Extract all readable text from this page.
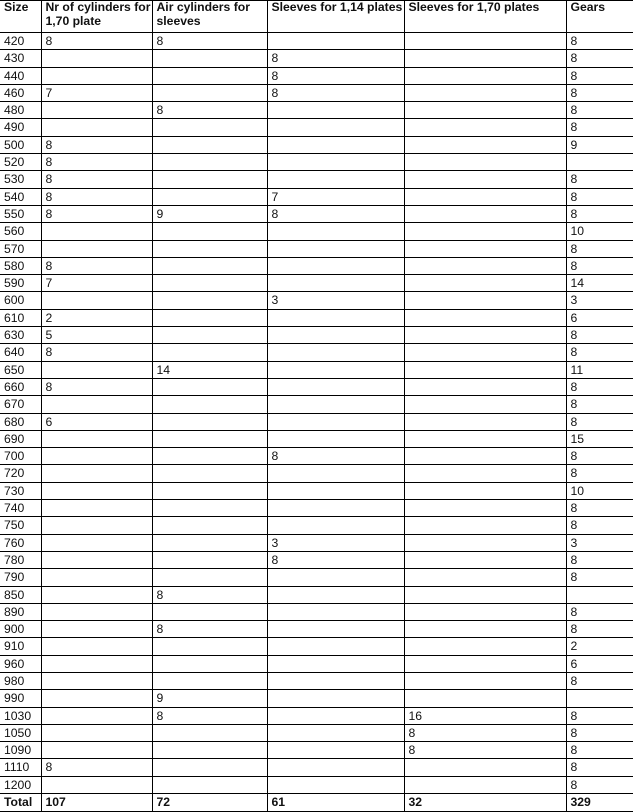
Size	Nr of cylinders for 1,70 plate	Air cylinders for sleeves	Sleeves for 1,14 plates	Sleeves for 1,70 plates	Gears
420	8	8			8
430			8		8
440			8		8
460	7		8		8
480		8			8
490					8
500	8				9
520	8				
530	8				8
540	8		7		8
550	8	9	8		8
560					10
570					8
580	8				8
590	7				14
600			3		3
610	2				6
630	5				8
640	8				8
650		14			11
660	8				8
670					8
680	6				8
690					15
700			8		8
720					8
730					10
740					8
750					8
760			3		3
780			8		8
790					8
850		8			
890					8
900		8			8
910					2
960					6
980					8
990		9			
1030		8		16	8
1050				8	8
1090				8	8
1110	8				8
1200					8
Total	107	72	61	32	329
